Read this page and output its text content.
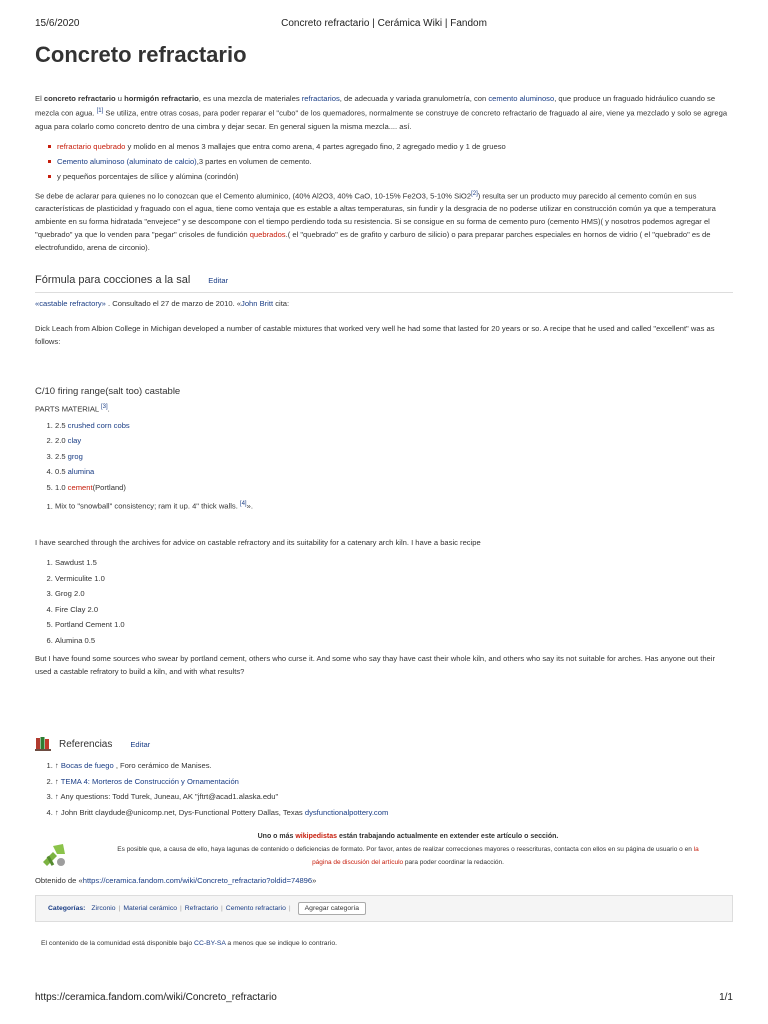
15/6/2020	Concreto refractario | Cerámica Wiki | Fandom
Concreto refractario

El concreto refractario u hormigón refractario, es una mezcla de materiales refractarios, de adecuada y variada granulometría, con cemento aluminoso, que produce un fraguado hidráulico cuando se mezcla con agua. [1] Se utiliza, entre otras cosas, para poder reparar el "cubo" de los quemadores, normalmente se construye de concreto refractario de fraguado al aire, viene ya mezclado y solo se agrega agua para colarlo como concreto dentro de una cimbra y dejar secar. En general siguen la misma mezcla.... así.

refractario quebrado y molido en al menos 3 mallajes que entra como arena, 4 partes agregado fino, 2 agregado medio y 1 de grueso
Cemento aluminoso (aluminato de calcio),3 partes en volumen de cemento.
y pequeños porcentajes de sílice y alúmina (corindón)

Se debe de aclarar para quienes no lo conozcan que el Cemento aluminico, (40% Al2O3, 40% CaO, 10-15% Fe2O3, 5-10% SiO2[2]) resulta ser un producto muy parecido al cemento común en sus características de plasticidad y fraguado con el agua, tiene como ventaja que es estable a altas temperaturas, sin fundir y la desgracia de no poderse utilizar en construcción común ya que a temperatura ambiente en su forma hidratada "envejece" y se descompone con el tiempo perdiendo toda su resistencia. Si se consigue en su forma de cemento puro (cemento HMS)( y nosotros podemos agregar el "quebrado" ya que lo venden para "pegar" crisoles de fundición quebrados.( el "quebrado" es de grafito y carburo de silicio) o para preparar parches especiales en hornos de vidrio ( el "quebrado" es de electrofundido, arena de circonio).

Fórmula para cocciones a la sal Editar

«castable refractory» . Consultado el 27 de marzo de 2010. «John Britt cita:

Dick Leach from Albion College in Michigan developed a number of castable mixtures that worked very well he had some that lasted for 20 years or so. A recipe that he used and called "excellent" was as follows:

C/10 firing range(salt too) castable

PARTS MATERIAL [3].

1. 2.5 crushed corn cobs
2. 2.0 clay
3. 2.5 grog
4. 0.5 alumina
5. 1.0 cement(Portland)
1. Mix to "snowball" consistency; ram it up. 4" thick walls. [4]».

I have searched through the archives for advice on castable refractory and its suitability for a catenary arch kiln. I have a basic recipe

1. Sawdust 1.5
2. Vermiculite 1.0
3. Grog 2.0
4. Fire Clay 2.0
5. Portland Cement 1.0
6. Alumina 0.5

But I have found some sources who swear by portland cement, others who curse it. And some who say thay have cast their whole kiln, and others who say its not suitable for arches. Has anyone out their used a castable refratory to build a kiln, and with what results?

Referencias Editar
1. ↑ Bocas de fuego , Foro cerámico de Manises.
2. ↑ TEMA 4: Morteros de Construcción y Ornamentación
3. ↑ Any questions: Todd Turek, Juneau, AK "jftrt@acad1.alaska.edu"
4. ↑ John Britt claydude@unicomp.net, Dys-Functional Pottery Dallas, Texas dysfunctionalpottery.com
Uno o más wikipedistas están trabajando actualmente en extender este artículo o sección.
Es posible que, a causa de ello, haya lagunas de contenido o deficiencias de formato. Por favor, antes de realizar correcciones mayores o reescrituras, contacta con ellos en su página de usuario o en la
página de discusión del artículo para poder coordinar la redacción.

Obtenido de «https://ceramica.fandom.com/wiki/Concreto_refractario?oldid=74896»

Categorías: Zirconio | Material cerámico | Refractario | Cemento refractario |	Agregar categoría
El contenido de la comunidad está disponible bajo CC-BY-SA a menos que se indique lo contrario.
https://ceramica.fandom.com/wiki/Concreto_refractario	1/1
